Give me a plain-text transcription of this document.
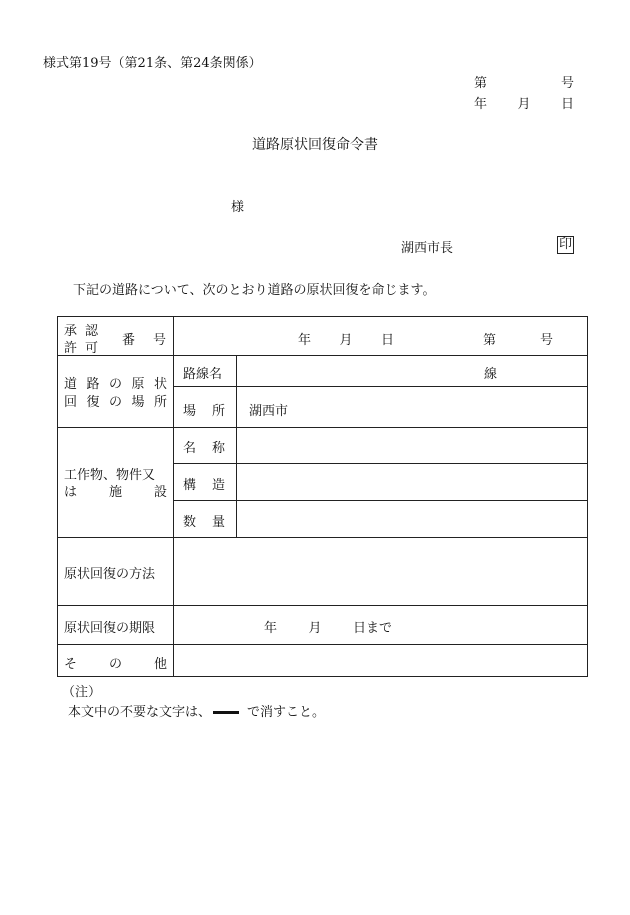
様式第19号（第21条、第24条関係）
第	号
年 月 日
道路原状回復命令書
様
湖西市長	印
下記の道路について、次のとおり道路の原状回復を命じます。
承 認
許 可
番 号	年 月 日	第	号
道 路 の 原 状
回 復 の 場 所
路線名	線
場 所 湖西市
工作物、物件又
は 施 設
名 称
構 造
数 量
原状回復の方法
原状回復の期限	年 月 日まで
そ の 他
（注）
本文中の不要な文字は、	で消すこと。
